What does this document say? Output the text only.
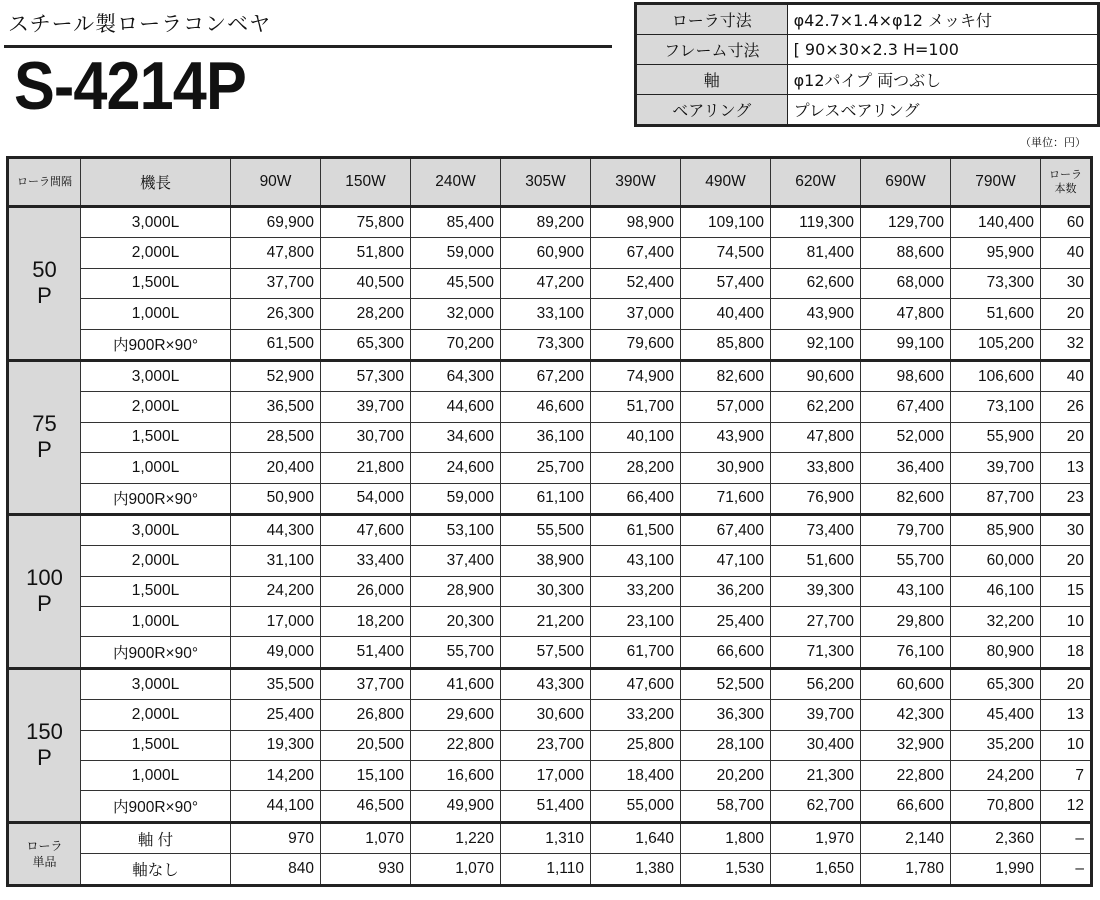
スチール製ローラコンベヤ
S-4214P
ローラ寸法	φ42.7×1.4×φ12 メッキ付
フレーム寸法	[ 90×30×2.3 H=100
軸	φ12パイプ 両つぶし
ベアリング	プレスベアリング
（単位：円）
ローラ間隔	機長	90W	150W	240W	305W	390W	490W	620W	690W	790W	ローラ本数
50
P	3,000L	69,900	75,800	85,400	89,200	98,900	109,100	119,300	129,700	140,400	60
	2,000L	47,800	51,800	59,000	60,900	67,400	74,500	81,400	88,600	95,900	40
	1,500L	37,700	40,500	45,500	47,200	52,400	57,400	62,600	68,000	73,300	30
	1,000L	26,300	28,200	32,000	33,100	37,000	40,400	43,900	47,800	51,600	20
	内900R×90°	61,500	65,300	70,200	73,300	79,600	85,800	92,100	99,100	105,200	32
75
P	3,000L	52,900	57,300	64,300	67,200	74,900	82,600	90,600	98,600	106,600	40
	2,000L	36,500	39,700	44,600	46,600	51,700	57,000	62,200	67,400	73,100	26
	1,500L	28,500	30,700	34,600	36,100	40,100	43,900	47,800	52,000	55,900	20
	1,000L	20,400	21,800	24,600	25,700	28,200	30,900	33,800	36,400	39,700	13
	内900R×90°	50,900	54,000	59,000	61,100	66,400	71,600	76,900	82,600	87,700	23
100
P	3,000L	44,300	47,600	53,100	55,500	61,500	67,400	73,400	79,700	85,900	30
	2,000L	31,100	33,400	37,400	38,900	43,100	47,100	51,600	55,700	60,000	20
	1,500L	24,200	26,000	28,900	30,300	33,200	36,200	39,300	43,100	46,100	15
	1,000L	17,000	18,200	20,300	21,200	23,100	25,400	27,700	29,800	32,200	10
	内900R×90°	49,000	51,400	55,700	57,500	61,700	66,600	71,300	76,100	80,900	18
150
P	3,000L	35,500	37,700	41,600	43,300	47,600	52,500	56,200	60,600	65,300	20
	2,000L	25,400	26,800	29,600	30,600	33,200	36,300	39,700	42,300	45,400	13
	1,500L	19,300	20,500	22,800	23,700	25,800	28,100	30,400	32,900	35,200	10
	1,000L	14,200	15,100	16,600	17,000	18,400	20,200	21,300	22,800	24,200	7
	内900R×90°	44,100	46,500	49,900	51,400	55,000	58,700	62,700	66,600	70,800	12
ローラ
単品	軸 付	970	1,070	1,220	1,310	1,640	1,800	1,970	2,140	2,360	–
	軸なし	840	930	1,070	1,110	1,380	1,530	1,650	1,780	1,990	–
